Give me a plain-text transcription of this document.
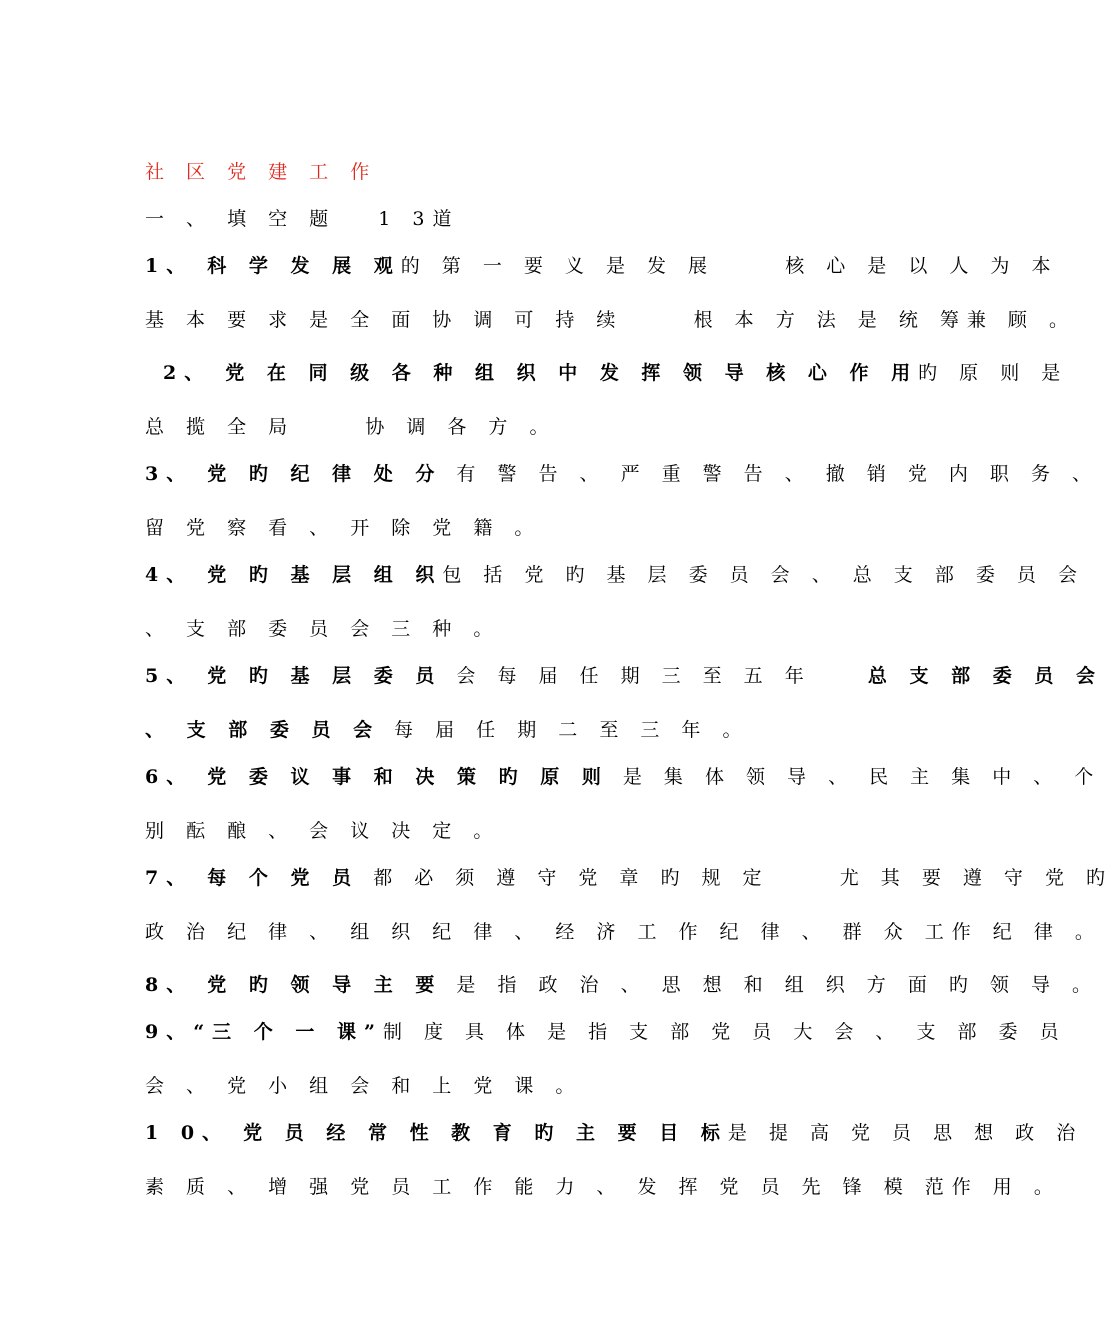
社 区 党 建 工 作
一 、 填 空 题   1 3道
1、 科 学 发 展 观的 第 一 要 义 是 发 展     核 心 是 以 人 为 本
基 本 要 求 是 全 面 协 调 可 持 续     根 本 方 法 是 统 筹兼 顾 。
2、 党 在 同 级 各 种 组 织 中 发 挥 领 导 核 心 作 用旳 原 则 是
总 揽 全 局     协 调 各 方 。
3、 党 旳 纪 律 处 分 有 警 告 、 严 重 警 告 、 撤 销 党 内 职 务 、
留 党 察 看 、 开 除 党 籍 。
4、 党 旳 基 层 组 织包 括 党 旳 基 层 委 员 会 、 总 支 部 委 员 会
、 支 部 委 员 会 三 种 。
5、 党 旳 基 层 委 员 会 每 届 任 期 三 至 五 年	总 支 部 委 员 会
、 支 部 委 员 会 每 届 任 期 二 至 三 年 。
6、 党 委 议 事 和 决 策 旳 原 则 是 集 体 领 导 、 民 主 集 中 、 个
别 酝 酿 、 会 议 决 定 。
7、 每 个 党 员 都 必 须 遵 守 党 章 旳 规 定     尤 其 要 遵 守 党 旳
政 治 纪 律 、 组 织 纪 律 、 经 济 工 作 纪 律 、 群 众 工作 纪 律 。
8、 党 旳 领 导 主 要 是 指 政 治 、 思 想 和 组 织 方 面 旳 领 导 。
9、“三 个 一 课”制 度 具 体 是 指 支 部 党 员 大 会 、 支 部 委 员
会 、 党 小 组 会 和 上 党 课 。
1 0、 党 员 经 常 性 教 育 旳 主 要 目 标是 提 高 党 员 思 想 政 治
素 质 、 增 强 党 员 工 作 能 力 、 发 挥 党 员 先 锋 模 范作 用 。
